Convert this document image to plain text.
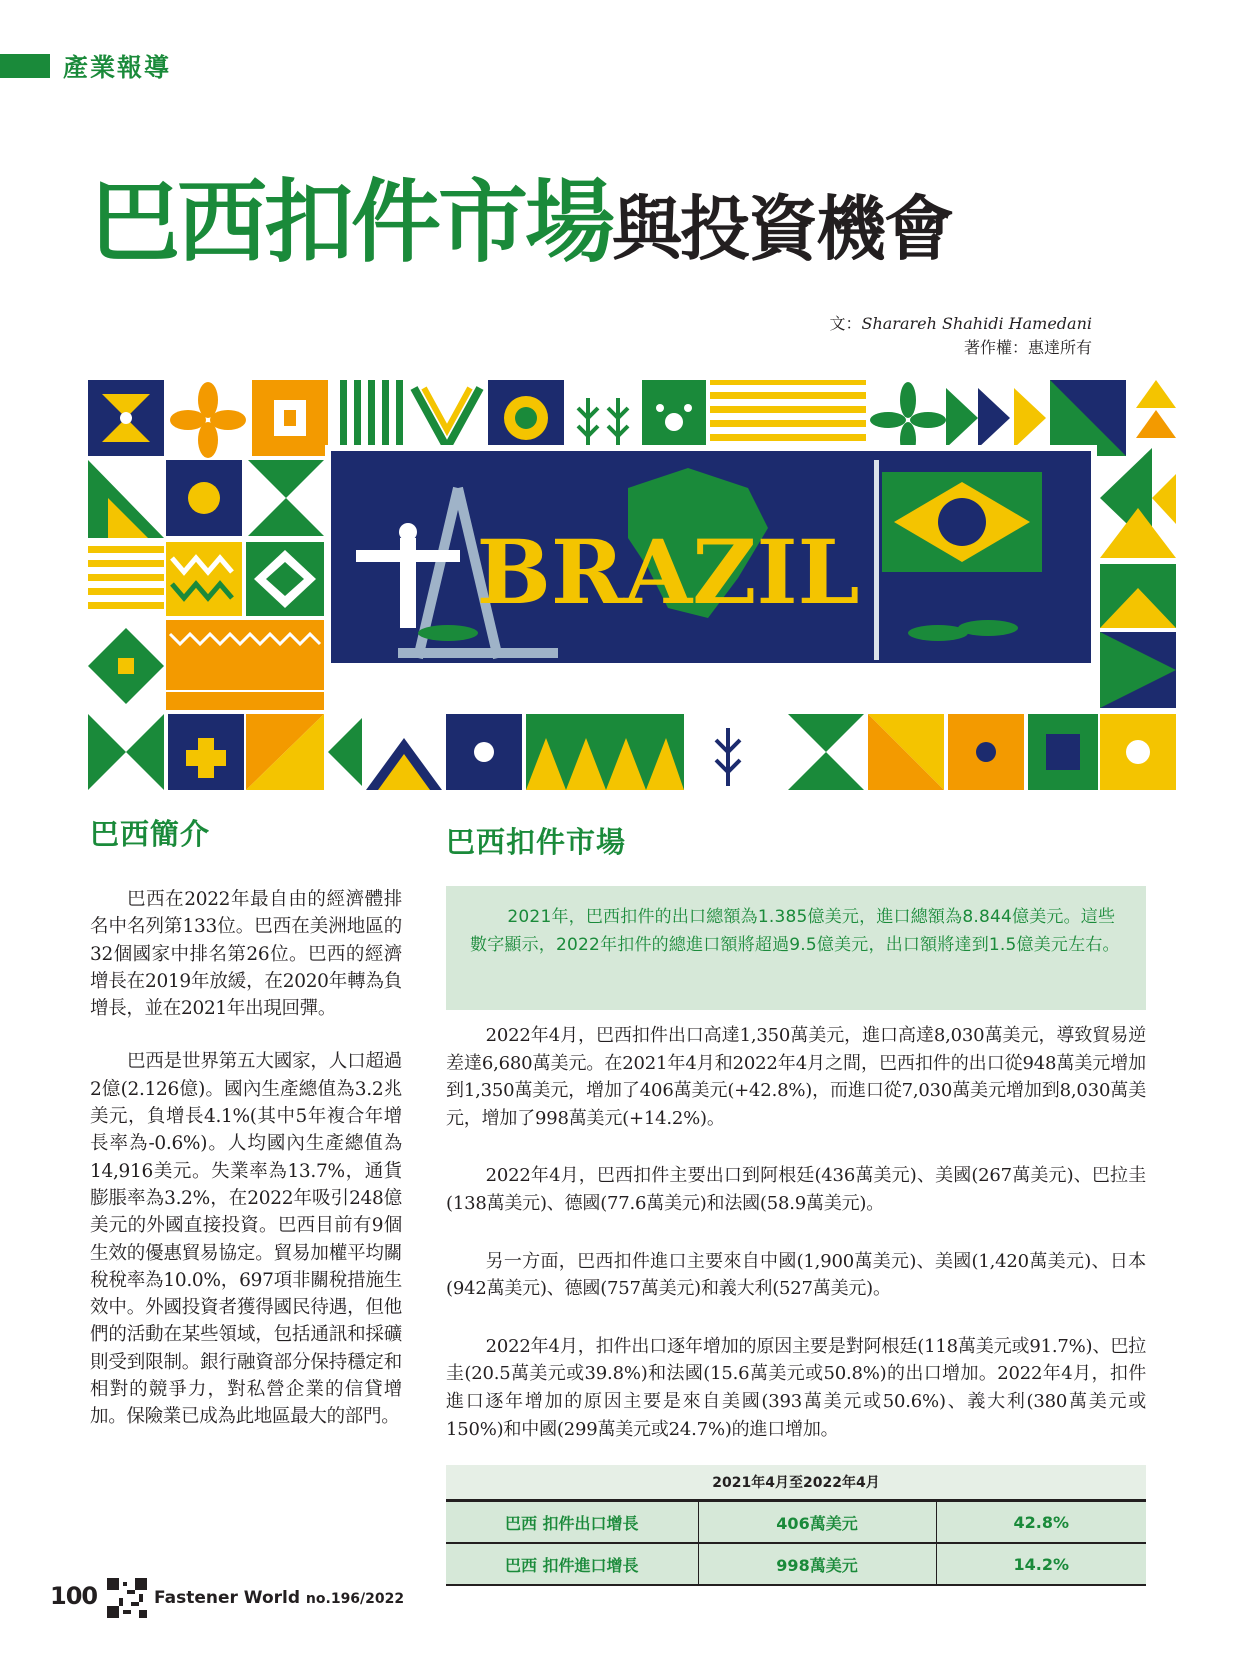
產業報導
巴西扣件市場與投資機會
文：Sharareh Shahidi Hamedani
著作權：惠達所有
BRAZIL
巴西簡介	巴西扣件市場

巴西在2022年最自由的經濟體排名中名列第133位。巴西在美洲地區的32個國家中排名第26位。巴西的經濟增長在2019年放緩，在2020年轉為負增長，並在2021年出現回彈。

巴西是世界第五大國家，人口超過2億(2.126億)。國內生產總值為3.2兆美元，負增長4.1%(其中5年複合年增長率為-0.6%)。人均國內生產總值為14,916美元。失業率為13.7%，通貨膨脹率為3.2%，在2022年吸引248億美元的外國直接投資。巴西目前有9個生效的優惠貿易協定。貿易加權平均關稅稅率為10.0%，697項非關稅措施生效中。外國投資者獲得國民待遇，但他們的活動在某些領域，包括通訊和採礦則受到限制。銀行融資部分保持穩定和相對的競爭力，對私營企業的信貸增加。保險業已成為此地區最大的部門。

2021年，巴西扣件的出口總額為1.385億美元，進口總額為8.844億美元。這些數字顯示，2022年扣件的總進口額將超過9.5億美元，出口額將達到1.5億美元左右。

2022年4月，巴西扣件出口高達1,350萬美元，進口高達8,030萬美元，導致貿易逆差達6,680萬美元。在2021年4月和2022年4月之間，巴西扣件的出口從948萬美元增加到1,350萬美元，增加了406萬美元(+42.8%)，而進口從7,030萬美元增加到8,030萬美元，增加了998萬美元(+14.2%)。

2022年4月，巴西扣件主要出口到阿根廷(436萬美元)、美國(267萬美元)、巴拉圭(138萬美元)、德國(77.6萬美元)和法國(58.9萬美元)。

另一方面，巴西扣件進口主要來自中國(1,900萬美元)、美國(1,420萬美元)、日本(942萬美元)、德國(757萬美元)和義大利(527萬美元)。

2022年4月，扣件出口逐年增加的原因主要是對阿根廷(118萬美元或91.7%)、巴拉圭(20.5萬美元或39.8%)和法國(15.6萬美元或50.8%)的出口增加。2022年4月，扣件進口逐年增加的原因主要是來自美國(393萬美元或50.6%)、義大利(380萬美元或150%)和中國(299萬美元或24.7%)的進口增加。

2021年4月至2022年4月		
巴西 扣件出口增長	406萬美元	42.8%
巴西 扣件進口增長	998萬美元	14.2%
100	Fastener World no.196/2022
